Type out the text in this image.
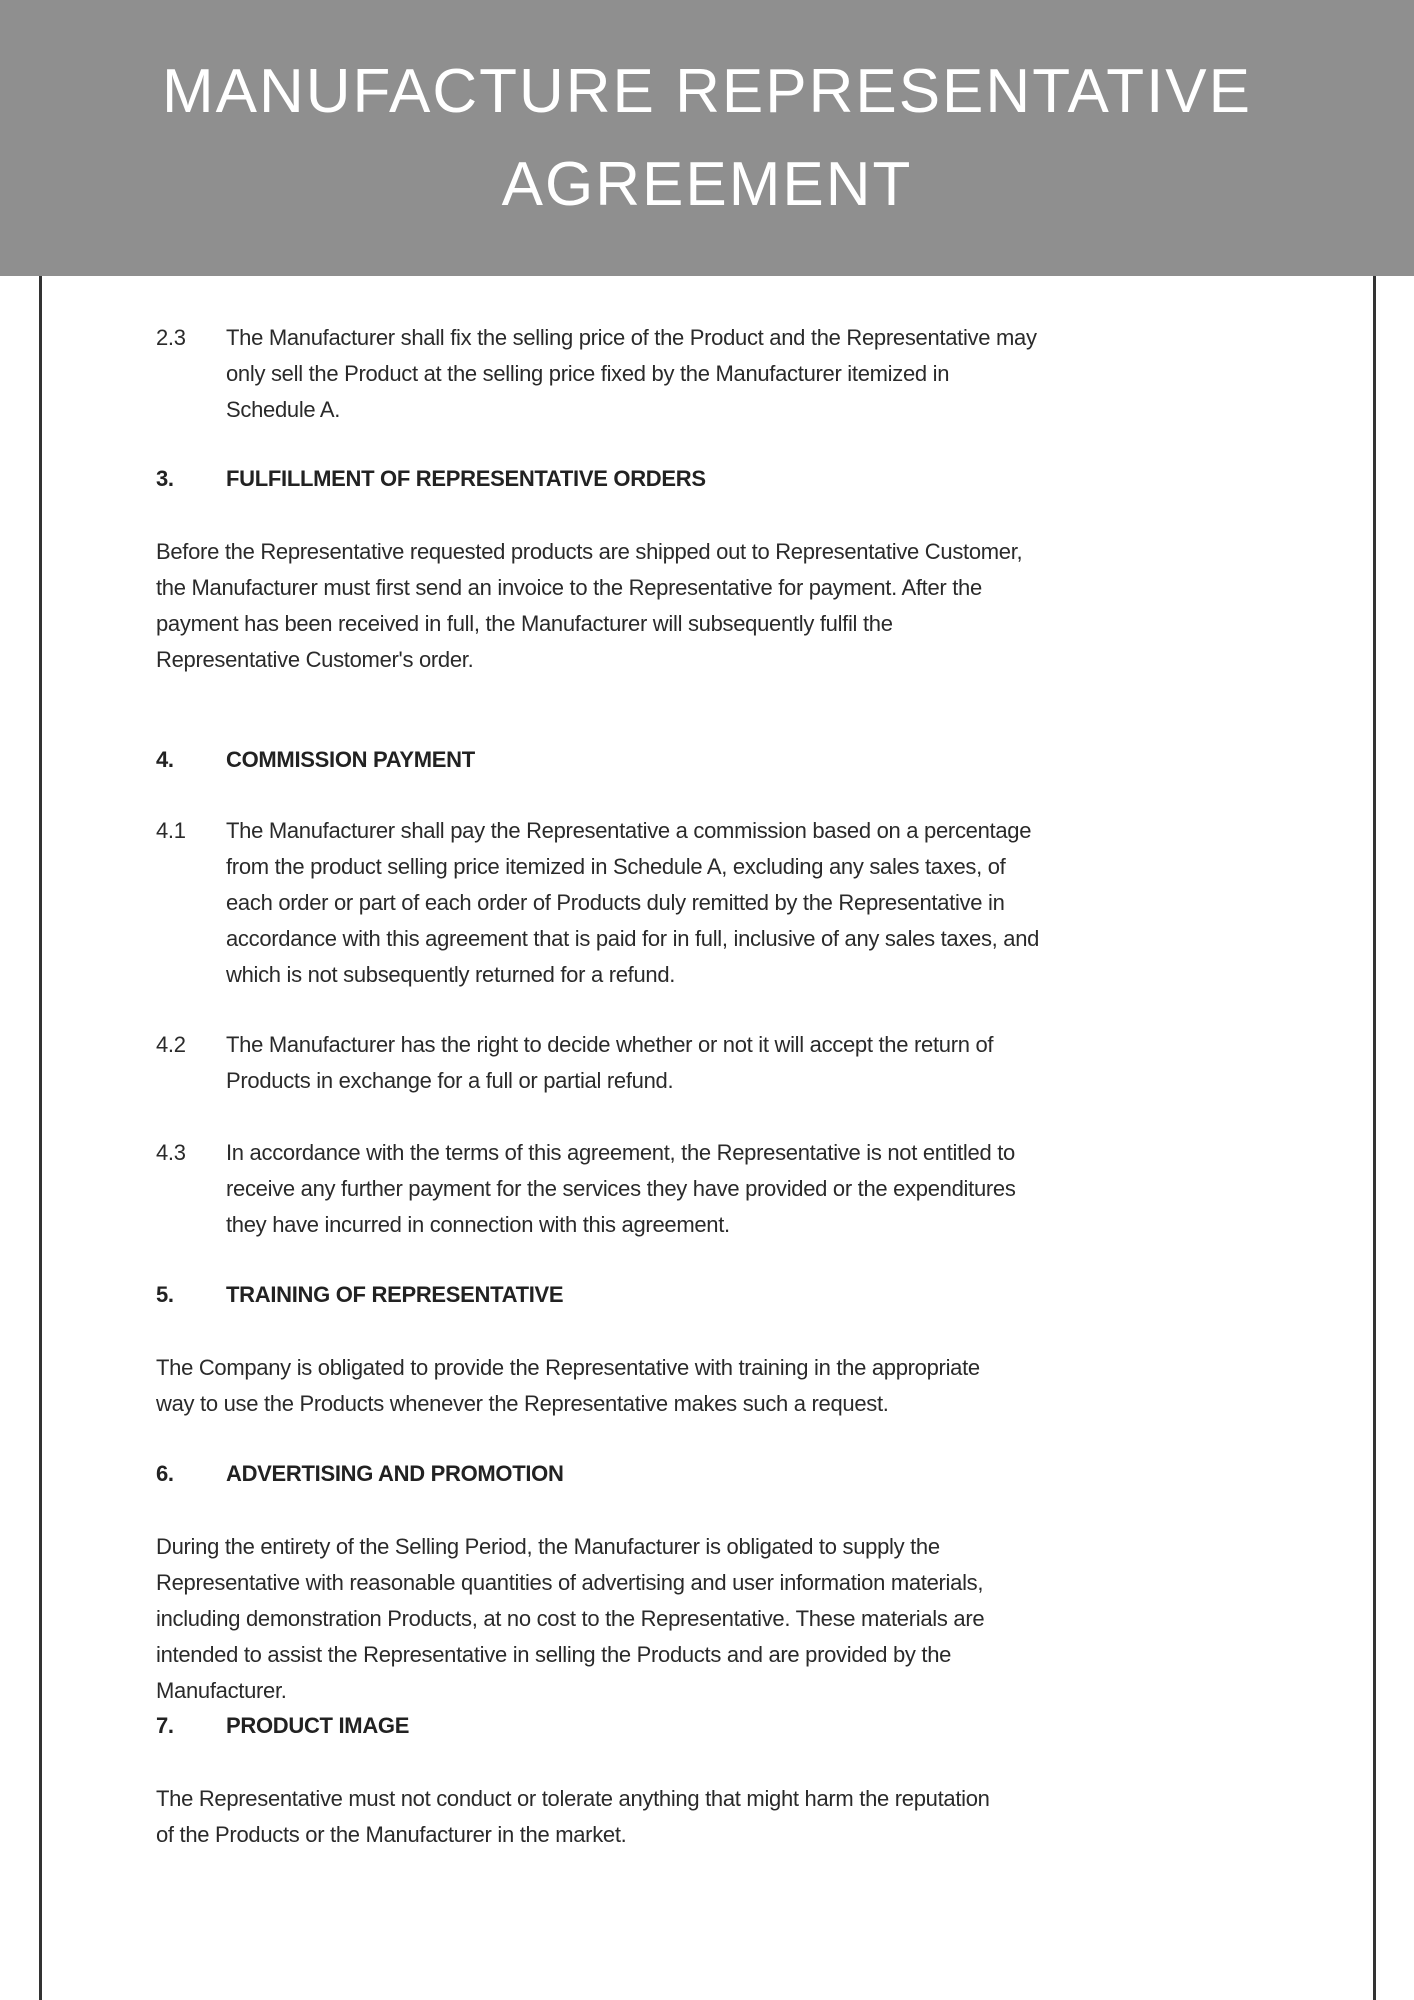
MANUFACTURE REPRESENTATIVE
AGREEMENT
2.3 The Manufacturer shall fix the selling price of the Product and the Representative may
only sell the Product at the selling price fixed by the Manufacturer itemized in
Schedule A.
3. FULFILLMENT OF REPRESENTATIVE ORDERS
Before the Representative requested products are shipped out to Representative Customer,
the Manufacturer must first send an invoice to the Representative for payment. After the
payment has been received in full, the Manufacturer will subsequently fulfil the
Representative Customer's order.
4. COMMISSION PAYMENT
4.1 The Manufacturer shall pay the Representative a commission based on a percentage
from the product selling price itemized in Schedule A, excluding any sales taxes, of
each order or part of each order of Products duly remitted by the Representative in
accordance with this agreement that is paid for in full, inclusive of any sales taxes, and
which is not subsequently returned for a refund.
4.2 The Manufacturer has the right to decide whether or not it will accept the return of
Products in exchange for a full or partial refund.
4.3 In accordance with the terms of this agreement, the Representative is not entitled to
receive any further payment for the services they have provided or the expenditures
they have incurred in connection with this agreement.
5. TRAINING OF REPRESENTATIVE
The Company is obligated to provide the Representative with training in the appropriate
way to use the Products whenever the Representative makes such a request.
6. ADVERTISING AND PROMOTION
During the entirety of the Selling Period, the Manufacturer is obligated to supply the
Representative with reasonable quantities of advertising and user information materials,
including demonstration Products, at no cost to the Representative. These materials are
intended to assist the Representative in selling the Products and are provided by the
Manufacturer.
7. PRODUCT IMAGE
The Representative must not conduct or tolerate anything that might harm the reputation
of the Products or the Manufacturer in the market.
